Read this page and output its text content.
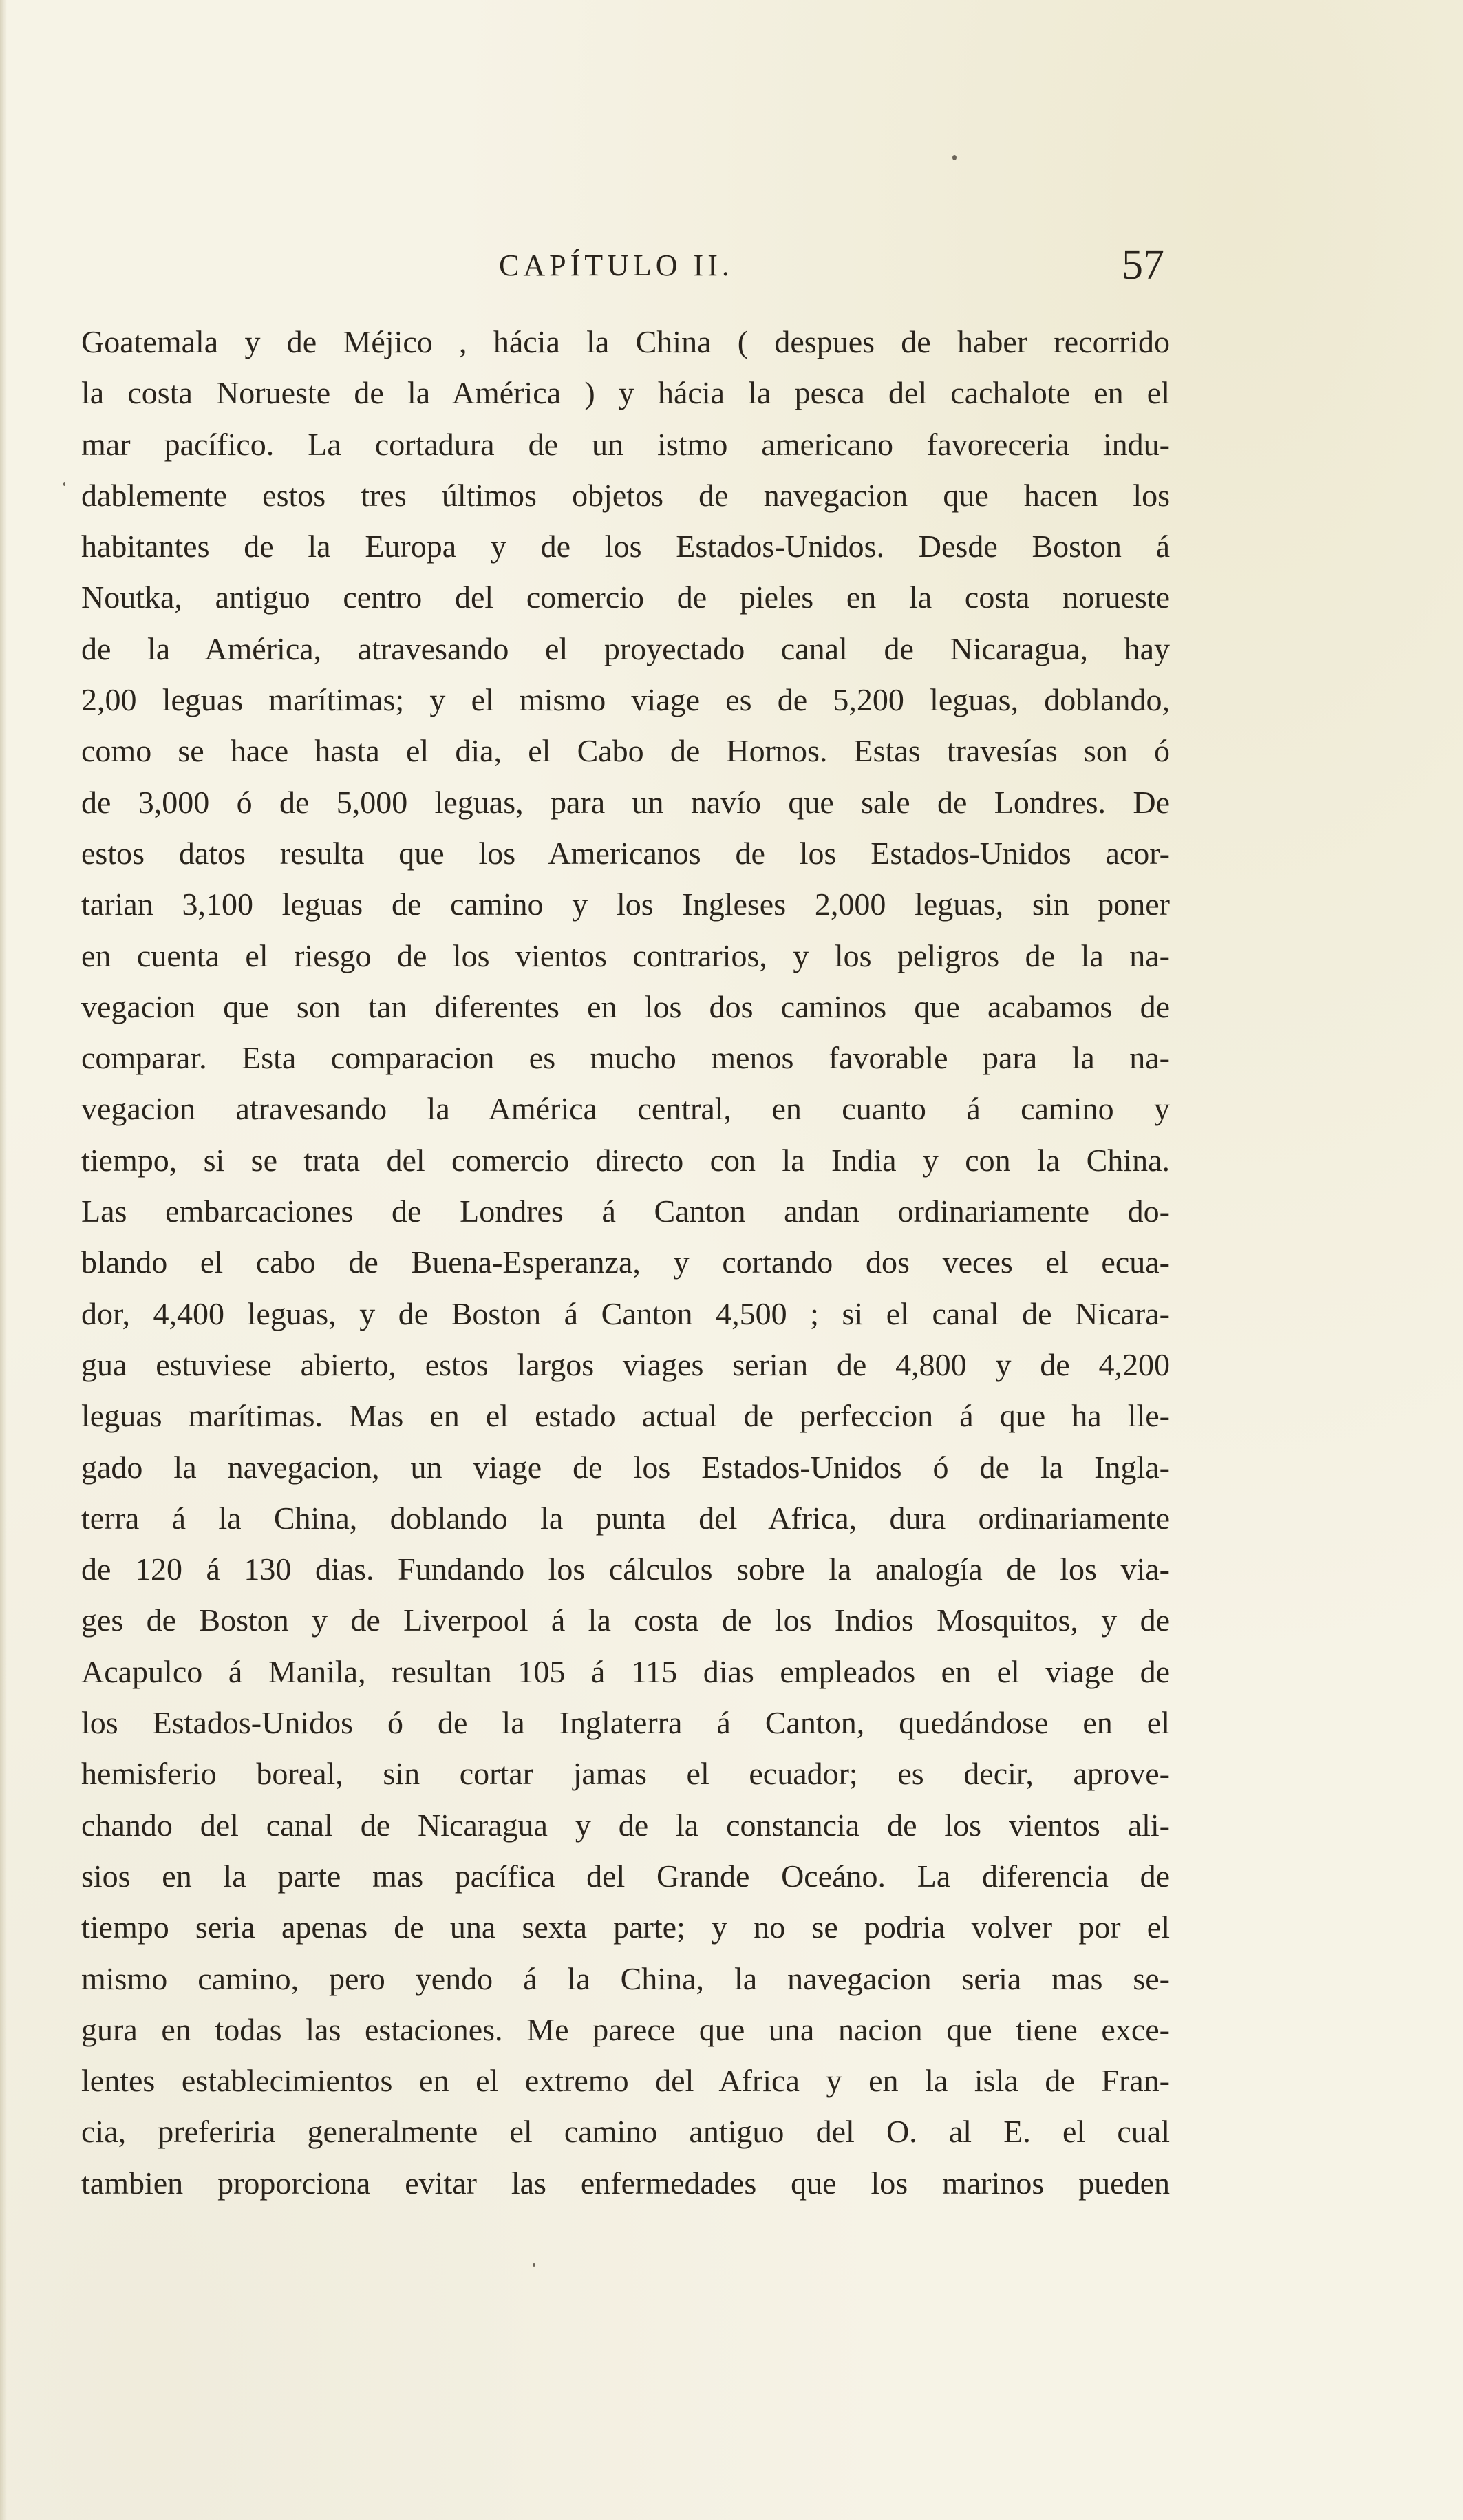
CAPÍTULO II.	57
Goatemala y de Méjico , hácia la China ( despues de haber recorrido
la costa Norueste de la América ) y hácia la pesca del cachalote en el
mar pacífico. La cortadura de un istmo americano favoreceria indu-
dablemente estos tres últimos objetos de navegacion que hacen los
habitantes de la Europa y de los Estados-Unidos. Desde Boston á
Noutka, antiguo centro del comercio de pieles en la costa norueste
de la América, atravesando el proyectado canal de Nicaragua, hay
2,00 leguas marítimas; y el mismo viage es de 5,200 leguas, doblando,
como se hace hasta el dia, el Cabo de Hornos. Estas travesías son ó
de 3,000 ó de 5,000 leguas, para un navío que sale de Londres. De
estos datos resulta que los Americanos de los Estados-Unidos acor-
tarian 3,100 leguas de camino y los Ingleses 2,000 leguas, sin poner
en cuenta el riesgo de los vientos contrarios, y los peligros de la na-
vegacion que son tan diferentes en los dos caminos que acabamos de
comparar. Esta comparacion es mucho menos favorable para la na-
vegacion atravesando la América central, en cuanto á camino y
tiempo, si se trata del comercio directo con la India y con la China.
Las embarcaciones de Londres á Canton andan ordinariamente do-
blando el cabo de Buena-Esperanza, y cortando dos veces el ecua-
dor, 4,400 leguas, y de Boston á Canton 4,500 ; si el canal de Nicara-
gua estuviese abierto, estos largos viages serian de 4,800 y de 4,200
leguas marítimas. Mas en el estado actual de perfeccion á que ha lle-
gado la navegacion, un viage de los Estados-Unidos ó de la Ingla-
terra á la China, doblando la punta del Africa, dura ordinariamente
de 120 á 130 dias. Fundando los cálculos sobre la analogía de los via-
ges de Boston y de Liverpool á la costa de los Indios Mosquitos, y de
Acapulco á Manila, resultan 105 á 115 dias empleados en el viage de
los Estados-Unidos ó de la Inglaterra á Canton, quedándose en el
hemisferio boreal, sin cortar jamas el ecuador; es decir, aprove-
chando del canal de Nicaragua y de la constancia de los vientos ali-
sios en la parte mas pacífica del Grande Oceáno. La diferencia de
tiempo seria apenas de una sexta parte; y no se podria volver por el
mismo camino, pero yendo á la China, la navegacion seria mas se-
gura en todas las estaciones. Me parece que una nacion que tiene exce-
lentes establecimientos en el extremo del Africa y en la isla de Fran-
cia, preferiria generalmente el camino antiguo del O. al E. el cual
tambien proporciona evitar las enfermedades que los marinos pueden
